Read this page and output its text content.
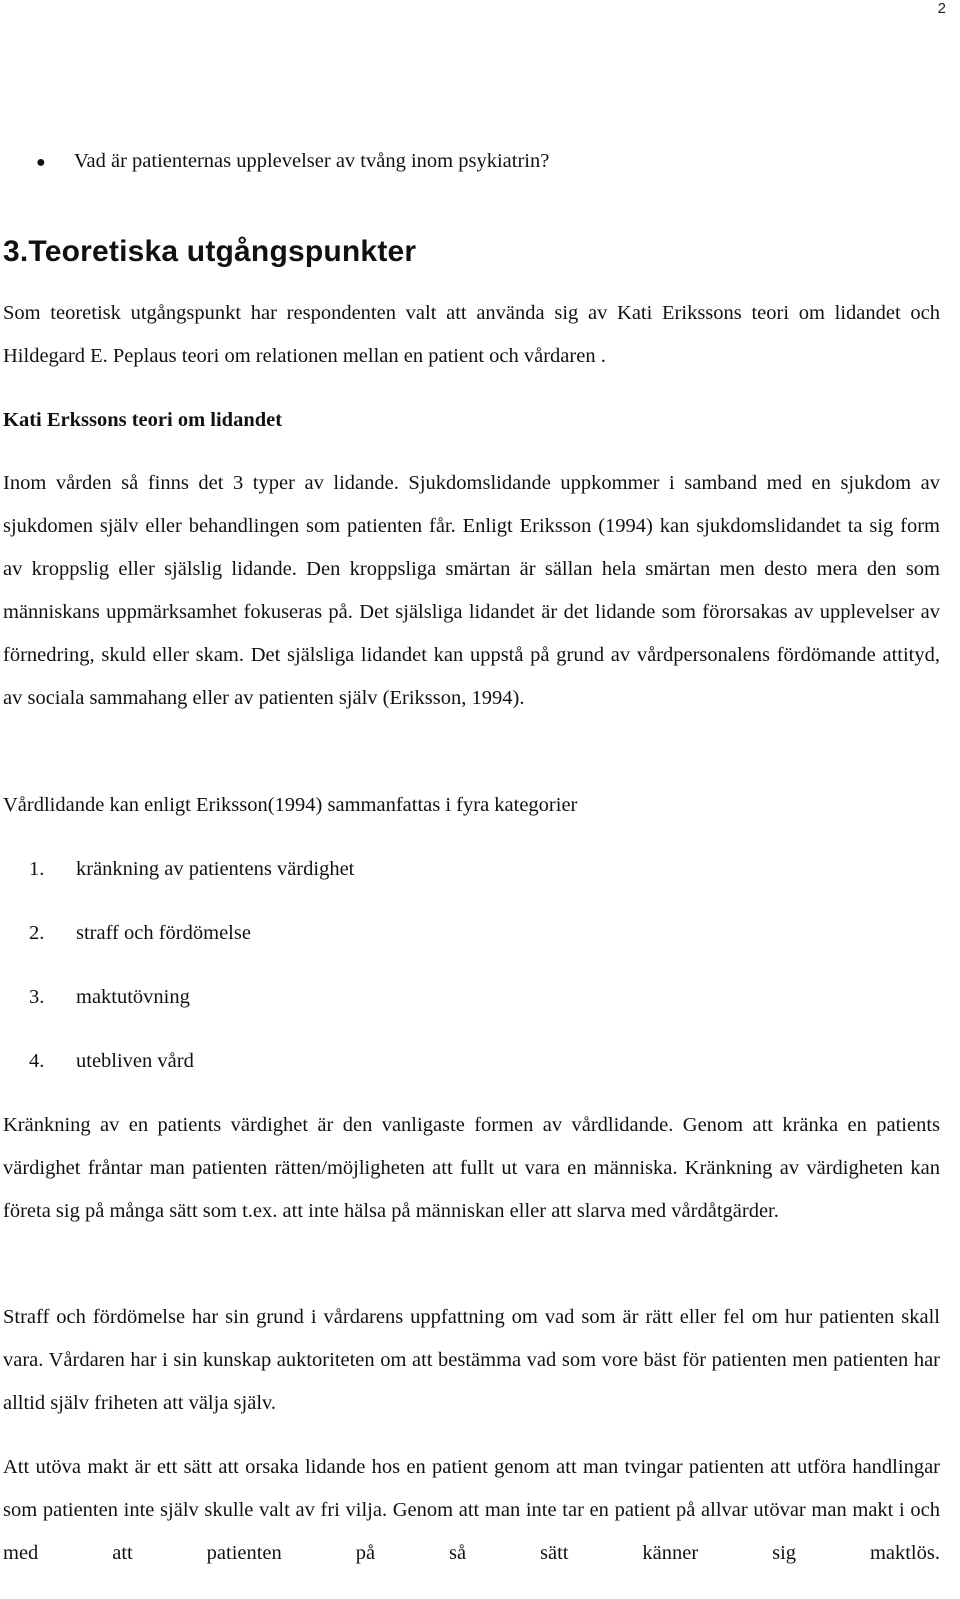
2
● Vad är patienternas upplevelser av tvång inom psykiatrin?
3.Teoretiska utgångspunkter

Som teoretisk utgångspunkt har respondenten valt att använda sig av Kati Erikssons teori om lidandet och Hildegard E. Peplaus teori om relationen mellan en patient och vårdaren .

Kati Erkssons teori om lidandet

Inom vården så finns det 3 typer av lidande. Sjukdomslidande uppkommer i samband med en sjukdom av sjukdomen själv eller behandlingen som patienten får. Enligt Eriksson (1994) kan sjukdomslidandet ta sig form av kroppslig eller själslig lidande. Den kroppsliga smärtan är sällan hela smärtan men desto mera den som människans uppmärksamhet fokuseras på. Det själsliga lidandet är det lidande som förorsakas av upplevelser av förnedring, skuld eller skam. Det själsliga lidandet kan uppstå på grund av vårdpersonalens fördömande attityd, av sociala sammahang eller av patienten själv (Eriksson, 1994).

Vårdlidande kan enligt Eriksson(1994) sammanfattas i fyra kategorier

1. kränkning av patientens värdighet
2. straff och fördömelse
3. maktutövning
4. utebliven vård

Kränkning av en patients värdighet är den vanligaste formen av vårdlidande. Genom att kränka en patients värdighet fråntar man patienten rätten/möjligheten att fullt ut vara en människa. Kränkning av värdigheten kan företa sig på många sätt som t.ex. att inte hälsa på människan eller att slarva med vårdåtgärder.

Straff och fördömelse har sin grund i vårdarens uppfattning om vad som är rätt eller fel om hur patienten skall vara. Vårdaren har i sin kunskap auktoriteten om att bestämma vad som vore bäst för patienten men patienten har alltid själv friheten att välja själv.

Att utöva makt är ett sätt att orsaka lidande hos en patient genom att man tvingar patienten att utföra handlingar som patienten inte själv skulle valt av fri vilja. Genom att man inte tar en patient på allvar utövar man makt i och med att patienten på så sätt känner sig maktlös.
